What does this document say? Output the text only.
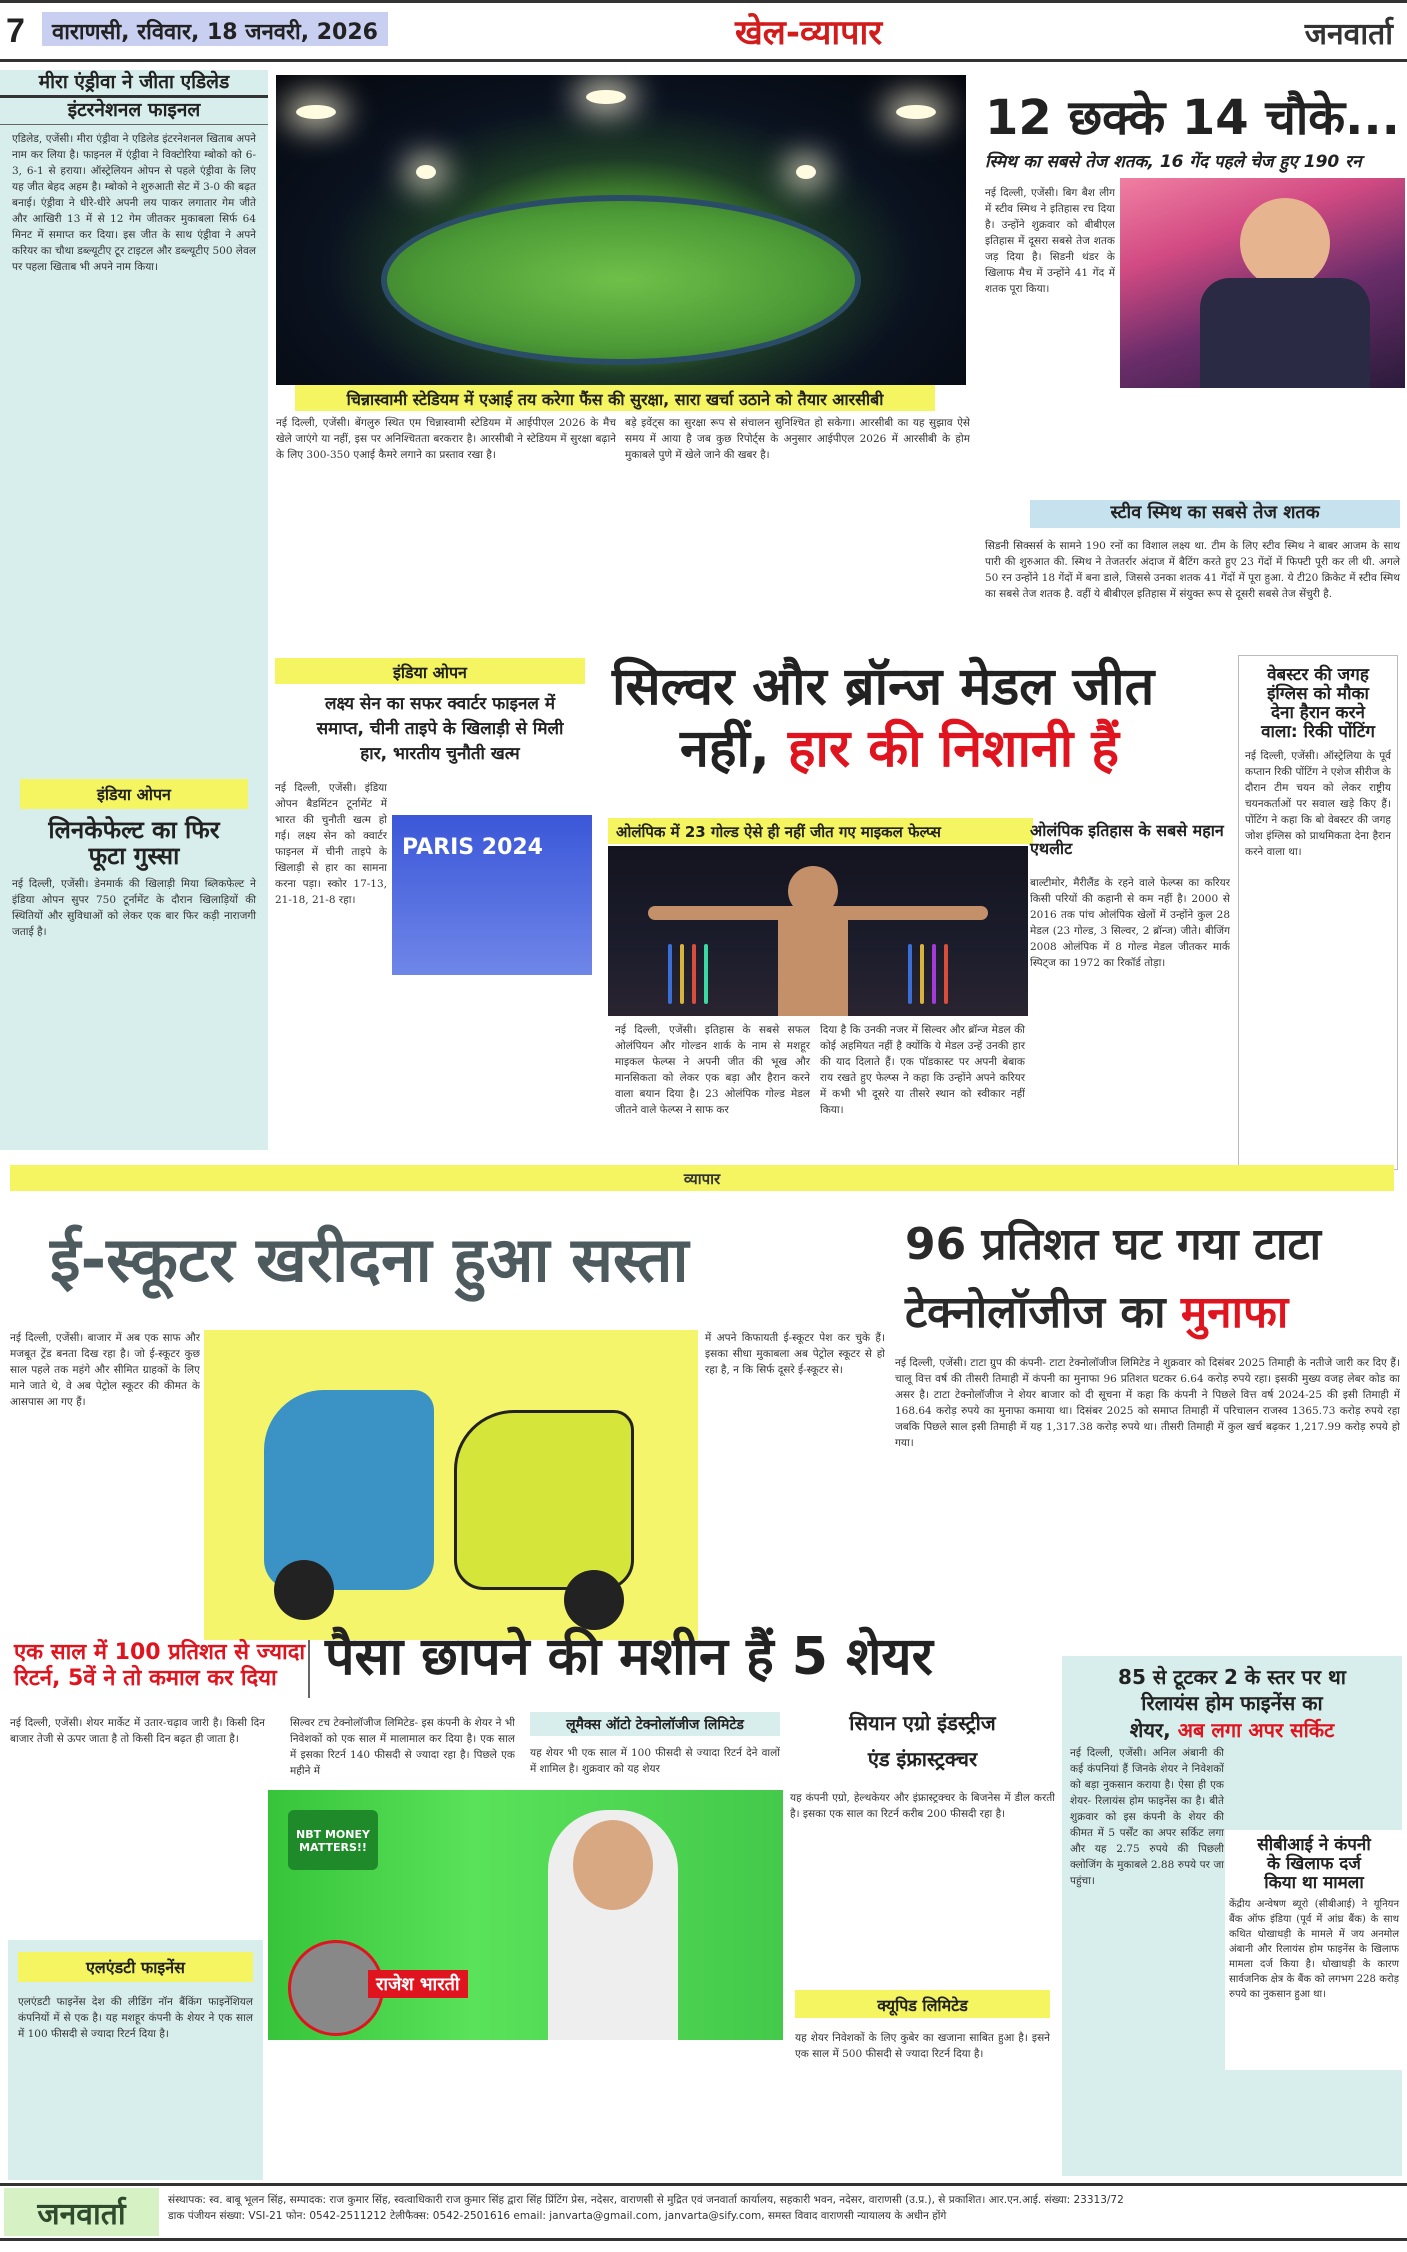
7	वाराणसी, रविवार, 18 जनवरी, 2026	खेल-व्यापार	जनवार्ता
मीरा एंड्रीवा ने जीता एडिलेड
इंटरनेशनल फाइनल
एडिलेड, एजेंसी। मीरा एंड्रीवा ने एडिलेड इंटरनेशनल खिताब अपने नाम कर लिया है। फाइनल में एंड्रीवा ने विक्टोरिया म्बोको को 6-3, 6-1 से हराया। ऑस्ट्रेलियन ओपन से पहले एंड्रीवा के लिए यह जीत बेहद अहम है। म्बोको ने शुरुआती सेट में 3-0 की बढ़त बनाई। एंड्रीवा ने धीरे-धीरे अपनी लय पाकर लगातार गेम जीते और आखिरी 13 में से 12 गेम जीतकर मुकाबला सिर्फ 64 मिनट में समाप्त कर दिया। इस जीत के साथ एंड्रीवा ने अपने करियर का चौथा डब्ल्यूटीए टूर टाइटल और डब्ल्यूटीए 500 लेवल पर पहला खिताब भी अपने नाम किया।
इंडिया ओपन
लिनकेफेल्ट का फिर
फूटा गुस्सा
नई दिल्ली, एजेंसी। डेनमार्क की खिलाड़ी मिया ब्लिकफेल्ट ने इंडिया ओपन सुपर 750 टूर्नामेंट के दौरान खिलाड़ियों की स्थितियों और सुविधाओं को लेकर एक बार फिर कड़ी नाराजगी जताई है।
चिन्नास्वामी स्टेडियम में एआई तय करेगा फैंस की सुरक्षा, सारा खर्चा उठाने को तैयार आरसीबी
नई दिल्ली, एजेंसी। बेंगलुरु स्थित एम चिन्नास्वामी स्टेडियम में आईपीएल 2026 के मैच खेले जाएंगे या नहीं, इस पर अनिश्चितता बरकरार है। आरसीबी ने स्टेडियम में सुरक्षा बढ़ाने के लिए 300-350 एआई कैमरे लगाने का प्रस्ताव रखा है।
बड़े इवेंट्स का सुरक्षा रूप से संचालन सुनिश्चित हो सकेगा। आरसीबी का यह सुझाव ऐसे समय में आया है जब कुछ रिपोर्ट्स के अनुसार आईपीएल 2026 में आरसीबी के होम मुकाबले पुणे में खेले जाने की खबर है।
12 छक्के 14 चौके...
स्मिथ का सबसे तेज शतक, 16 गेंद पहले चेज हुए 190 रन
नई दिल्ली, एजेंसी। बिग बैश लीग में स्टीव स्मिथ ने इतिहास रच दिया है। उन्होंने शुक्रवार को बीबीएल इतिहास में दूसरा सबसे तेज शतक जड़ दिया है। सिडनी थंडर के खिलाफ मैच में उन्होंने 41 गेंद में शतक पूरा किया।
स्टीव स्मिथ का सबसे तेज शतक
सिडनी सिक्सर्स के सामने 190 रनों का विशाल लक्ष्य था. टीम के लिए स्टीव स्मिथ ने बाबर आजम के साथ पारी की शुरुआत की. स्मिथ ने तेजतर्रार अंदाज में बैटिंग करते हुए 23 गेंदों में फिफ्टी पूरी कर ली थी. अगले 50 रन उन्होंने 18 गेंदों में बना डाले, जिससे उनका शतक 41 गेंदों में पूरा हुआ. ये टी20 क्रिकेट में स्टीव स्मिथ का सबसे तेज शतक है. वहीं ये बीबीएल इतिहास में संयुक्त रूप से दूसरी सबसे तेज सेंचुरी है.
इंडिया ओपन
लक्ष्य सेन का सफर क्वार्टर फाइनल में
समाप्त, चीनी ताइपे के खिलाड़ी से मिली
हार, भारतीय चुनौती खत्म
नई दिल्ली, एजेंसी। इंडिया ओपन बैडमिंटन टूर्नामेंट में भारत की चुनौती खत्म हो गई। लक्ष्य सेन को क्वार्टर फाइनल में चीनी ताइपे के खिलाड़ी से हार का सामना करना पड़ा। स्कोर 17-13, 21-18, 21-8 रहा।
PARIS 2024
सिल्वर और ब्रॉन्ज मेडल जीत
नहीं, हार की निशानी हैं
ओलंपिक में 23 गोल्ड ऐसे ही नहीं जीत गए माइकल फेल्प्स	ओलंपिक इतिहास के सबसे महान एथलीट
बाल्टीमोर, मैरीलैंड के रहने वाले फेल्प्स का करियर किसी परियों की कहानी से कम नहीं है। 2000 से 2016 तक पांच ओलंपिक खेलों में उन्होंने कुल 28 मेडल (23 गोल्ड, 3 सिल्वर, 2 ब्रॉन्ज) जीते। बीजिंग 2008 ओलंपिक में 8 गोल्ड मेडल जीतकर मार्क स्पिट्ज का 1972 का रिकॉर्ड तोड़ा।
नई दिल्ली, एजेंसी। इतिहास के सबसे सफल ओलंपियन और गोल्डन शार्क के नाम से मशहूर माइकल फेल्प्स ने अपनी जीत की भूख और मानसिकता को लेकर एक बड़ा और हैरान करने वाला बयान दिया है। 23 ओलंपिक गोल्ड मेडल जीतने वाले फेल्प्स ने साफ कर
दिया है कि उनकी नजर में सिल्वर और ब्रॉन्ज मेडल की कोई अहमियत नहीं है क्योंकि ये मेडल उन्हें उनकी हार की याद दिलाते हैं। एक पॉडकास्ट पर अपनी बेबाक राय रखते हुए फेल्प्स ने कहा कि उन्होंने अपने करियर में कभी भी दूसरे या तीसरे स्थान को स्वीकार नहीं किया।
वेबस्टर की जगह
इंग्लिस को मौका
देना हैरान करने
वाला: रिकी पोंटिंग
नई दिल्ली, एजेंसी। ऑस्ट्रेलिया के पूर्व कप्तान रिकी पोंटिंग ने एशेज सीरीज के दौरान टीम चयन को लेकर राष्ट्रीय चयनकर्ताओं पर सवाल खड़े किए हैं। पोंटिंग ने कहा कि बो वेबस्टर की जगह जोश इंग्लिस को प्राथमिकता देना हैरान करने वाला था।
व्यापार
ई-स्कूटर खरीदना हुआ सस्ता
नई दिल्ली, एजेंसी। बाजार में अब एक साफ और मजबूत ट्रेंड बनता दिख रहा है। जो ई-स्कूटर कुछ साल पहले तक महंगे और सीमित ग्राहकों के लिए माने जाते थे, वे अब पेट्रोल स्कूटर की कीमत के आसपास आ गए हैं।
में अपने किफायती ई-स्कूटर पेश कर चुके हैं। इसका सीधा मुकाबला अब पेट्रोल स्कूटर से हो रहा है, न कि सिर्फ दूसरे ई-स्कूटर से।
96 प्रतिशत घट गया टाटा
टेक्नोलॉजीज का मुनाफा
नई दिल्ली, एजेंसी। टाटा ग्रुप की कंपनी- टाटा टेक्नोलॉजीज लिमिटेड ने शुक्रवार को दिसंबर 2025 तिमाही के नतीजे जारी कर दिए हैं। चालू वित्त वर्ष की तीसरी तिमाही में कंपनी का मुनाफा 96 प्रतिशत घटकर 6.64 करोड़ रुपये रहा। इसकी मुख्य वजह लेबर कोड का असर है। टाटा टेक्नोलॉजीज ने शेयर बाजार को दी सूचना में कहा कि कंपनी ने पिछले वित्त वर्ष 2024-25 की इसी तिमाही में 168.64 करोड़ रुपये का मुनाफा कमाया था। दिसंबर 2025 को समाप्त तिमाही में परिचालन राजस्व 1365.73 करोड़ रुपये रहा जबकि पिछले साल इसी तिमाही में यह 1,317.38 करोड़ रुपये था। तीसरी तिमाही में कुल खर्च बढ़कर 1,217.99 करोड़ रुपये हो गया।
एक साल में 100 प्रतिशत से ज्यादा
रिटर्न, 5वें ने तो कमाल कर दिया पैसा छापने की मशीन हैं 5 शेयर
नई दिल्ली, एजेंसी। शेयर मार्केट में उतार-चढ़ाव जारी है। किसी दिन बाजार तेजी से ऊपर जाता है तो किसी दिन बढ़त ही जाता है।
सिल्वर टच टेक्नोलॉजीज लिमिटेड- इस कंपनी के शेयर ने भी निवेशकों को एक साल में मालामाल कर दिया है। एक साल में इसका रिटर्न 140 फीसदी से ज्यादा रहा है। पिछले एक महीने में
लूमैक्स ऑटो टेक्नोलॉजीज लिमिटेड
यह शेयर भी एक साल में 100 फीसदी से ज्यादा रिटर्न देने वालों में शामिल है। शुक्रवार को यह शेयर
NBT MONEY MATTERS!!
राजेश भारती
सियान एग्रो इंडस्ट्रीज
एंड इंफ्रास्ट्रक्चर
यह कंपनी एग्रो, हेल्थकेयर और इंफ्रास्ट्रक्चर के बिजनेस में डील करती है। इसका एक साल का रिटर्न करीब 200 फीसदी रहा है।
एलएंडटी फाइनेंस
एलएंडटी फाइनेंस देश की लीडिंग नॉन बैंकिंग फाइनेंशियल कंपनियों में से एक है। यह मशहूर कंपनी के शेयर ने एक साल में 100 फीसदी से ज्यादा रिटर्न दिया है।
क्यूपिड लिमिटेड
यह शेयर निवेशकों के लिए कुबेर का खजाना साबित हुआ है। इसने एक साल में 500 फीसदी से ज्यादा रिटर्न दिया है।
85 से टूटकर 2 के स्तर पर था
रिलायंस होम फाइनेंस का
शेयर, अब लगा अपर सर्किट
नई दिल्ली, एजेंसी। अनिल अंबानी की कई कंपनियां हैं जिनके शेयर ने निवेशकों को बड़ा नुकसान कराया है। ऐसा ही एक शेयर- रिलायंस होम फाइनेंस का है। बीते शुक्रवार को इस कंपनी के शेयर की कीमत में 5 पर्सेंट का अपर सर्किट लगा और यह 2.75 रुपये की पिछली क्लोजिंग के मुकाबले 2.88 रुपये पर जा पहुंचा।
सीबीआई ने कंपनी
के खिलाफ दर्ज
किया था मामला
केंद्रीय अन्वेषण ब्यूरो (सीबीआई) ने यूनियन बैंक ऑफ इंडिया (पूर्व में आंध्र बैंक) के साथ कथित धोखाधड़ी के मामले में जय अनमोल अंबानी और रिलायंस होम फाइनेंस के खिलाफ मामला दर्ज किया है। धोखाधड़ी के कारण सार्वजनिक क्षेत्र के बैंक को लगभग 228 करोड़ रुपये का नुकसान हुआ था।
जनवार्ता	संस्थापक: स्व. बाबू भूलन सिंह, सम्पादक: राज कुमार सिंह, स्वत्वाधिकारी राज कुमार सिंह द्वारा सिंह प्रिंटिंग प्रेस, नदेसर, वाराणसी से मुद्रित एवं जनवार्ता कार्यालय, सहकारी भवन, नदेसर, वाराणसी (उ.प्र.), से प्रकाशित। आर.एन.आई. संख्या: 23313/72
डाक पंजीयन संख्या: VSI-21 फोन: 0542-2511212 टेलीफैक्स: 0542-2501616 email: janvarta@gmail.com, janvarta@sify.com, समस्त विवाद वाराणसी न्यायालय के अधीन होंगे
